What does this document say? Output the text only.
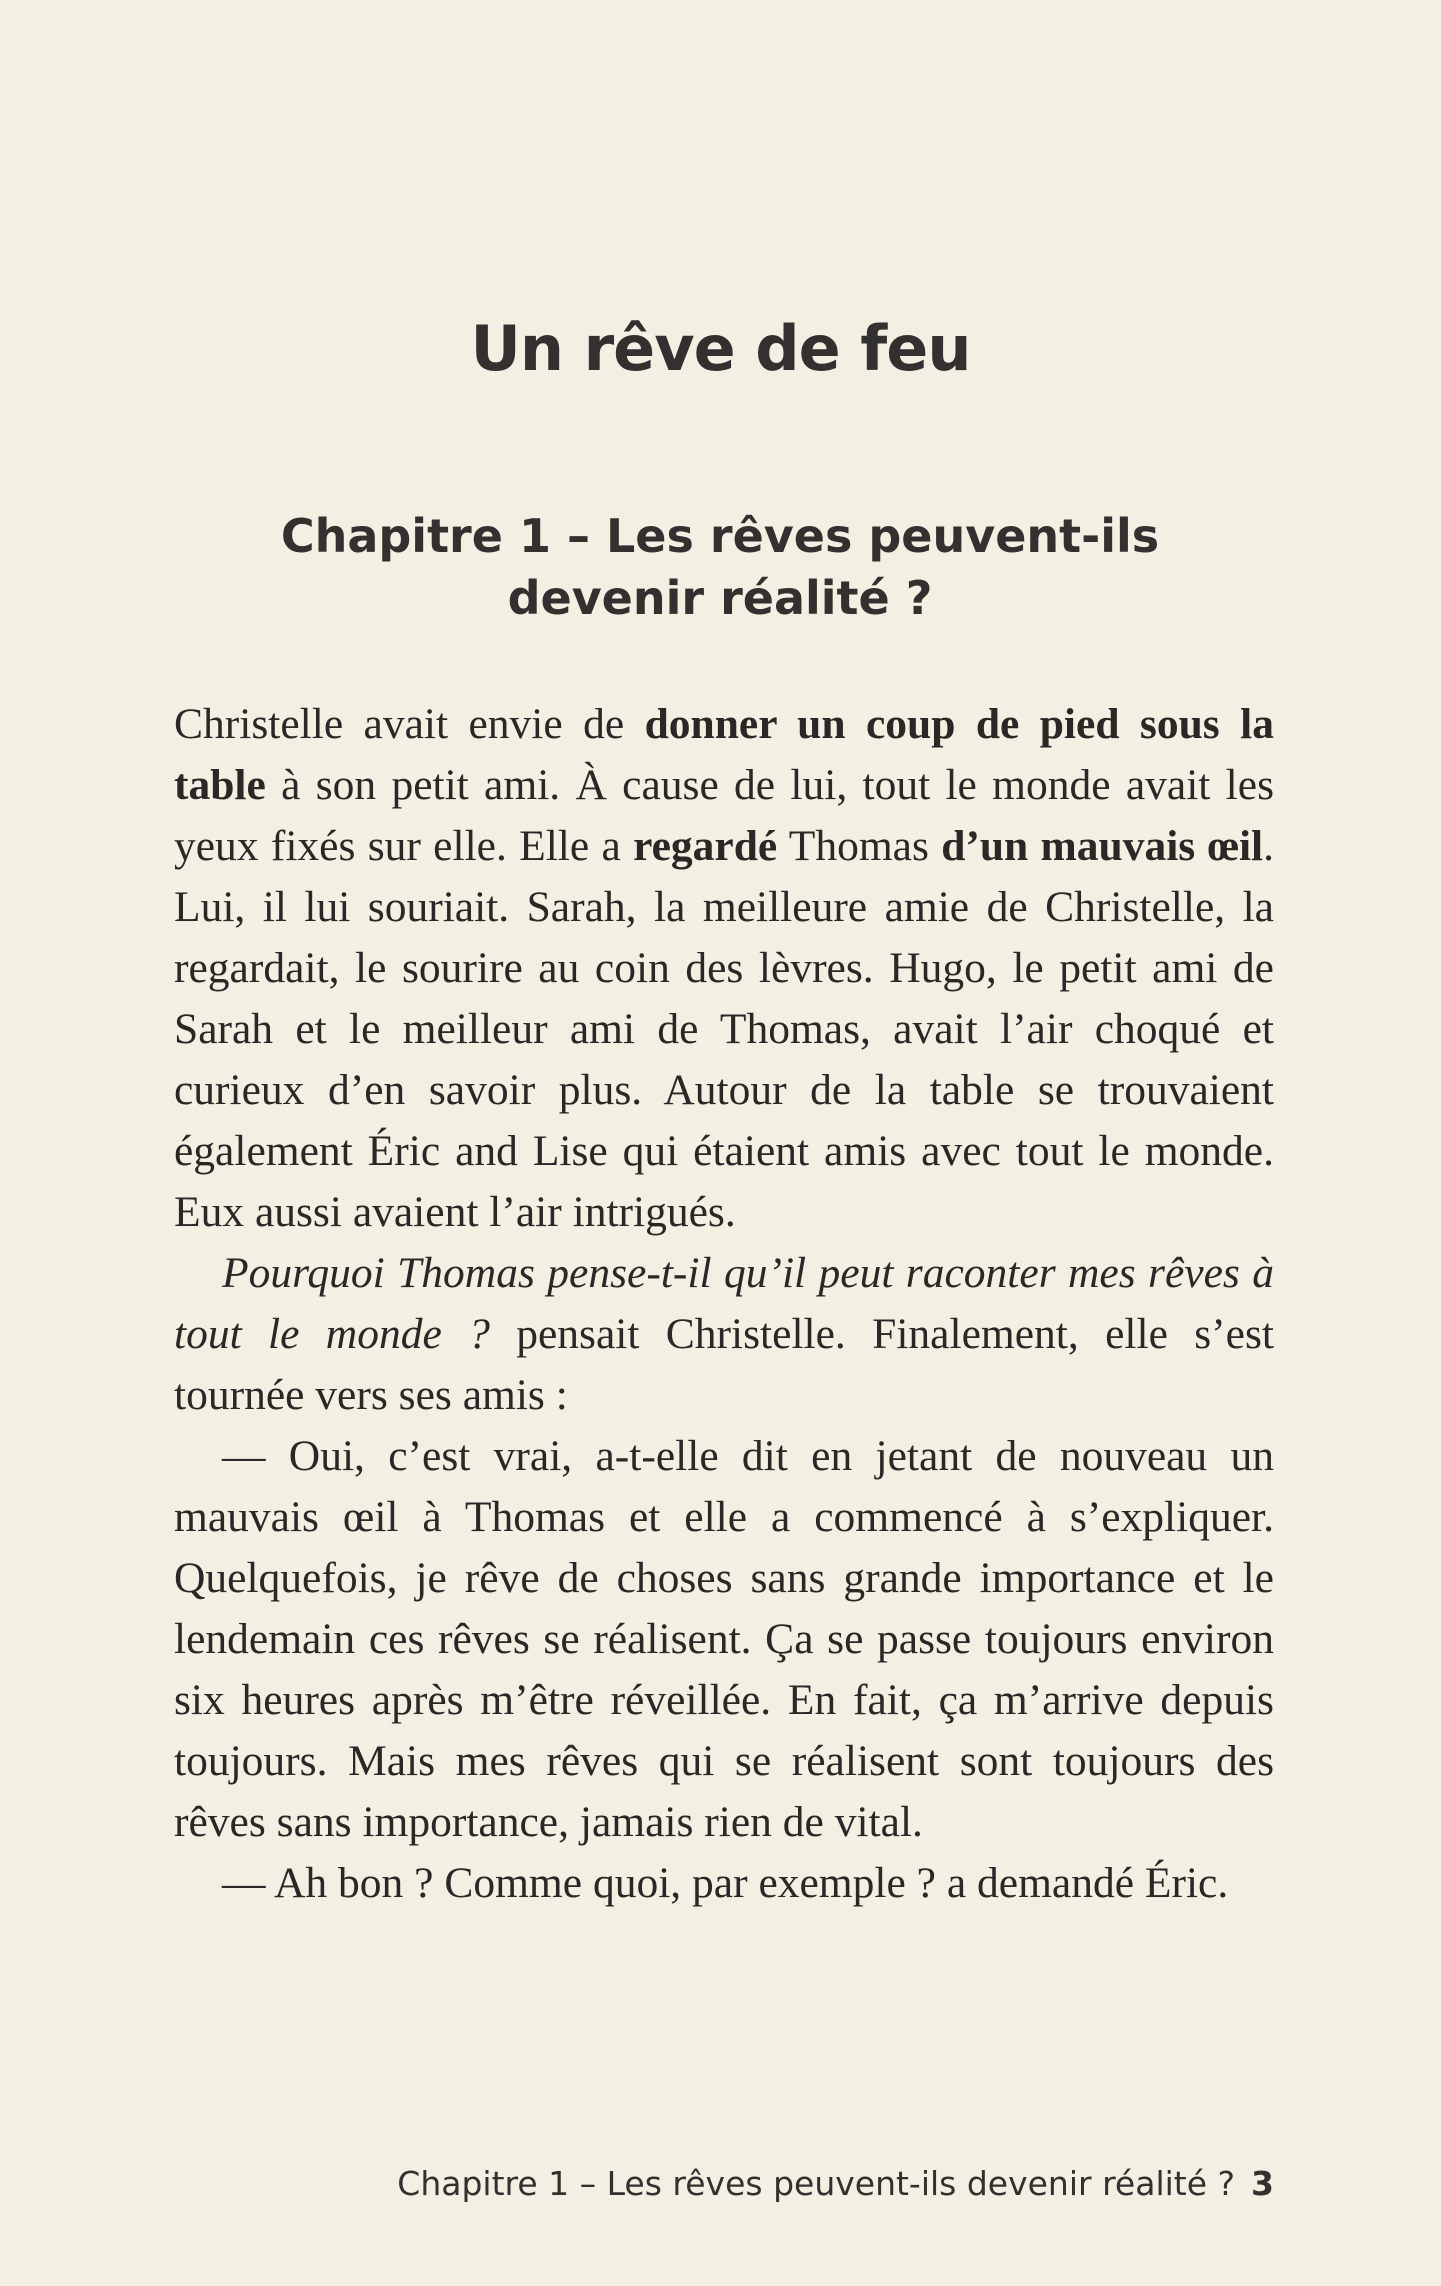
Un rêve de feu
Chapitre 1 – Les rêves peuvent-ils
devenir réalité ?

Christelle avait envie de donner un coup de pied sous la table à son petit ami. À cause de lui, tout le monde avait les yeux fixés sur elle. Elle a regardé Thomas d’un mauvais œil. Lui, il lui souriait. Sarah, la meilleure amie de Christelle, la regardait, le sourire au coin des lèvres. Hugo, le petit ami de Sarah et le meilleur ami de Thomas, avait l’air choqué et curieux d’en savoir plus. Autour de la table se trouvaient également Éric and Lise qui étaient amis avec tout le monde. Eux aussi avaient l’air intrigués.

Pourquoi Thomas pense-t-il qu’il peut raconter mes rêves à tout le monde ? pensait Christelle. Finalement, elle s’est tournée vers ses amis :

— Oui, c’est vrai, a-t-elle dit en jetant de nouveau un mauvais œil à Thomas et elle a commencé à s’expliquer. Quelquefois, je rêve de choses sans grande importance et le lendemain ces rêves se réalisent. Ça se passe toujours environ six heures après m’être réveillée. En fait, ça m’arrive depuis toujours. Mais mes rêves qui se réalisent sont toujours des rêves sans importance, jamais rien de vital.

— Ah bon ? Comme quoi, par exemple ? a demandé Éric.

Chapitre 1 – Les rêves peuvent-ils devenir réalité ? 3
